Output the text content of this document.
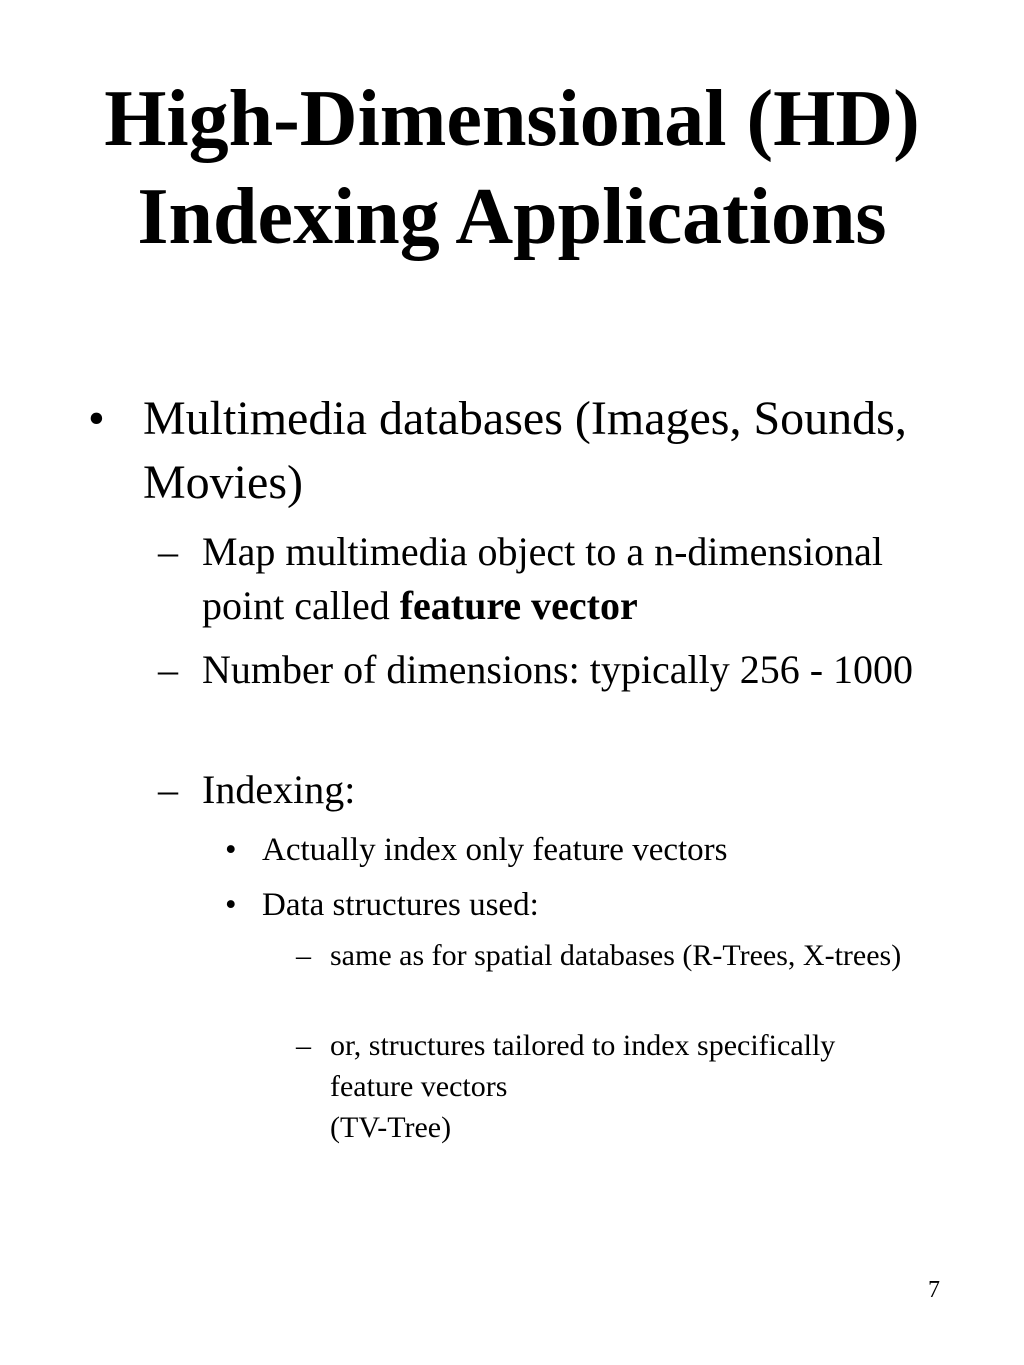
High-Dimensional (HD)
Indexing Applications
• Multimedia databases (Images, Sounds, Movies)
– Map multimedia object to a n-dimensional point called feature vector
– Number of dimensions: typically 256 - 1000
– Indexing:
• Actually index only feature vectors
• Data structures used:
– same as for spatial databases (R-Trees, X-trees)
– or, structures tailored to index specifically feature vectors
(TV-Tree)
7
